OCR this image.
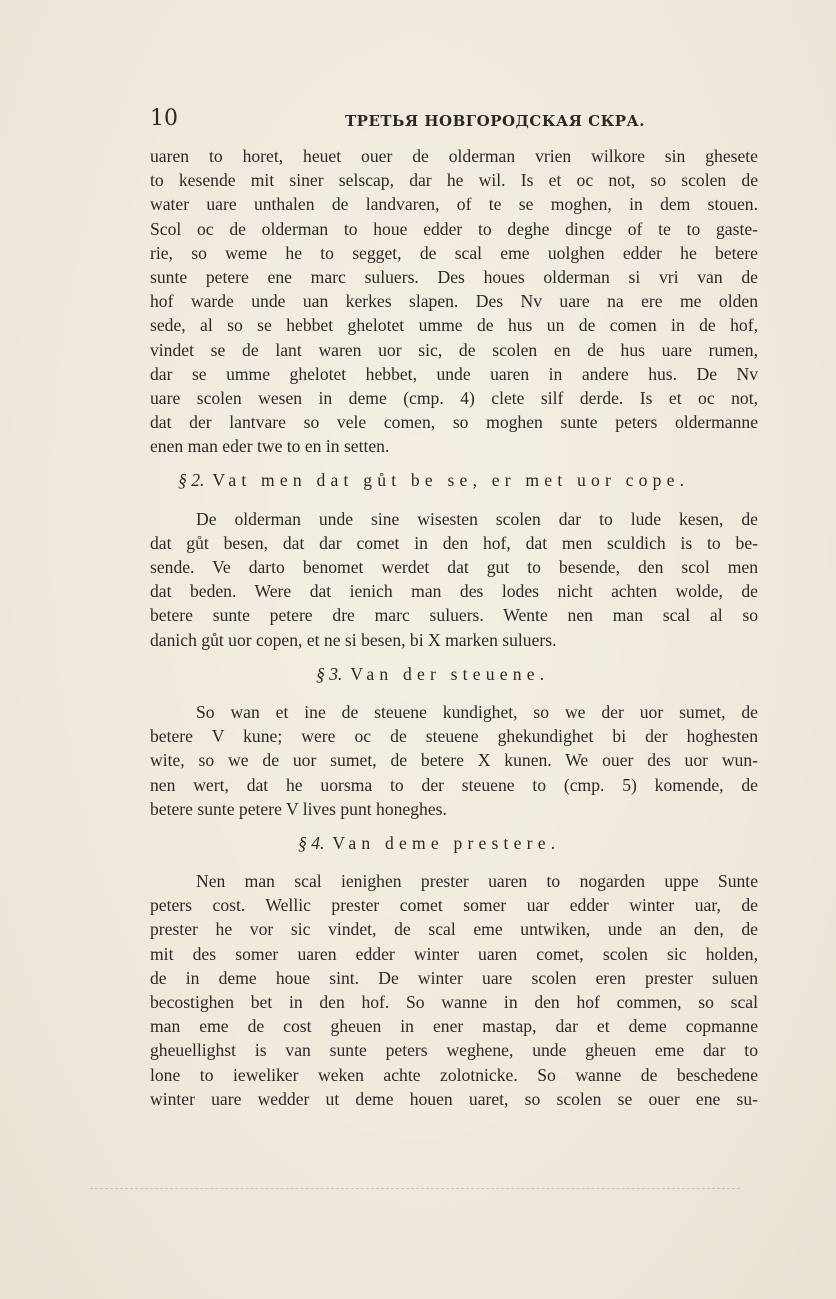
10	ТРЕТЬЯ НОВГОРОДСКАЯ СКРА.
uaren to horet, heuet ouer de olderman vrien wilkore sin ghesete
to kesende mit siner selscap, dar he wil. Is et oc not, so scolen de
water uare unthalen de landvaren, of te se moghen, in dem stouen.
Scol oc de olderman to houe edder to deghe dincge of te to gaste-
rie, so weme he to segget, de scal eme uolghen edder he betere
sunte petere ene marc suluers. Des houes olderman si vri van de
hof warde unde uan kerkes slapen. Des Nv uare na ere me olden
sede, al so se hebbet ghelotet umme de hus un de comen in de hof,
vindet se de lant waren uor sic, de scolen en de hus uare rumen,
dar se umme ghelotet hebbet, unde uaren in andere hus. De Nv
uare scolen wesen in deme (cmp. 4) clete silf derde. Is et oc not,
dat der lantvare so vele comen, so moghen sunte peters oldermanne
enen man eder twe to en in setten.
§ 2. Vat men dat gůt be se, er met uor cope.
De olderman unde sine wisesten scolen dar to lude kesen, de
dat gůt besen, dat dar comet in den hof, dat men sculdich is to be-
sende. Ve darto benomet werdet dat gut to besende, den scol men
dat beden. Were dat ienich man des lodes nicht achten wolde, de
betere sunte petere dre marc suluers. Wente nen man scal al so
danich gůt uor copen, et ne si besen, bi X marken suluers.
§ 3. Van der steuene.
So wan et ine de steuene kundighet, so we der uor sumet, de
betere V kune; were oc de steuene ghekundighet bi der hoghesten
wite, so we de uor sumet, de betere X kunen. We ouer des uor wun-
nen wert, dat he uorsma to der steuene to (cmp. 5) komende, de
betere sunte petere V lives punt honeghes.
§ 4. Van deme prestere.
Nen man scal ienighen prester uaren to nogarden uppe Sunte
peters cost. Wellic prester comet somer uar edder winter uar, de
prester he vor sic vindet, de scal eme untwiken, unde an den, de
mit des somer uaren edder winter uaren comet, scolen sic holden,
de in deme houe sint. De winter uare scolen eren prester suluen
becostighen bet in den hof. So wanne in den hof commen, so scal
man eme de cost gheuen in ener mastap, dar et deme copmanne
gheuellighst is van sunte peters weghene, unde gheuen eme dar to
lone to ieweliker weken achte zolotnicke. So wanne de beschedene
winter uare wedder ut deme houen uaret, so scolen se ouer ene su-
